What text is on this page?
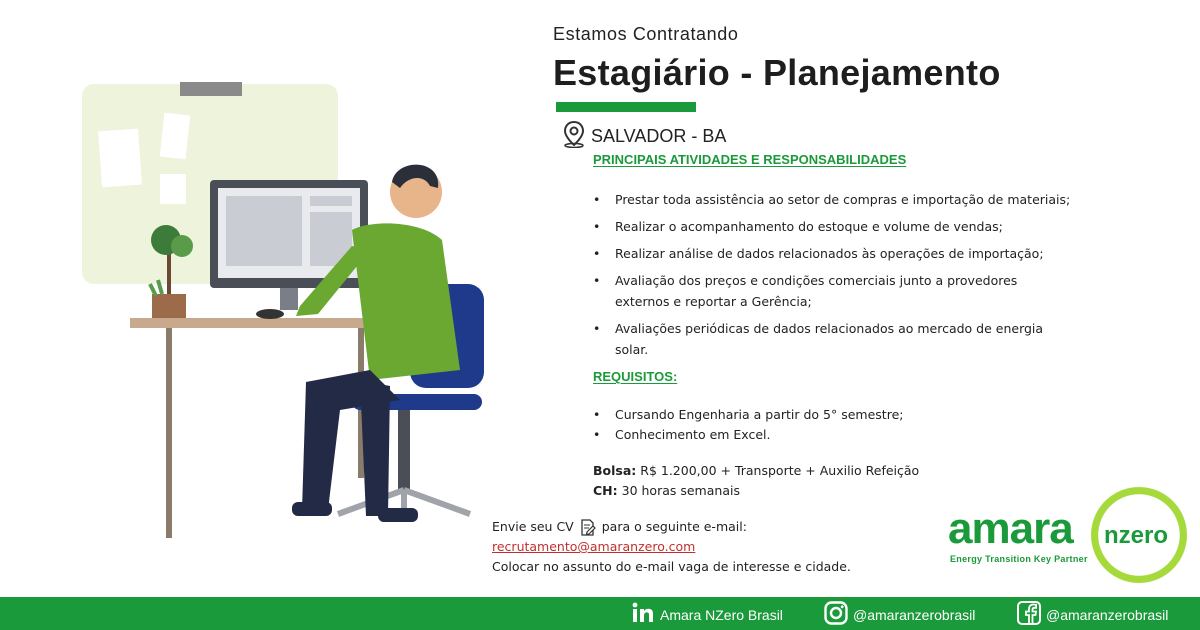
Estamos Contratando
Estagiário - Planejamento
SALVADOR - BA
PRINCIPAIS ATIVIDADES E RESPONSABILIDADES
• Prestar toda assistência ao setor de compras e importação de materiais;
• Realizar o acompanhamento do estoque e volume de vendas;
• Realizar análise de dados relacionados às operações de importação;
• Avaliação dos preços e condições comerciais junto a provedores externos e reportar a Gerência;
• Avaliações periódicas de dados relacionados ao mercado de energia solar.
REQUISITOS:
• Cursando Engenharia a partir do 5° semestre;
• Conhecimento em Excel.
Bolsa: R$ 1.200,00 + Transporte + Auxilio Refeição
CH: 30 horas semanais
Envie seu CV para o seguinte e-mail:
recrutamento@amaranzero.com
Colocar no assunto do e-mail vaga de interesse e cidade.
amara nzero
Energy Transition Key Partner
Amara NZero Brasil	@amaranzerobrasil	@amaranzerobrasil
